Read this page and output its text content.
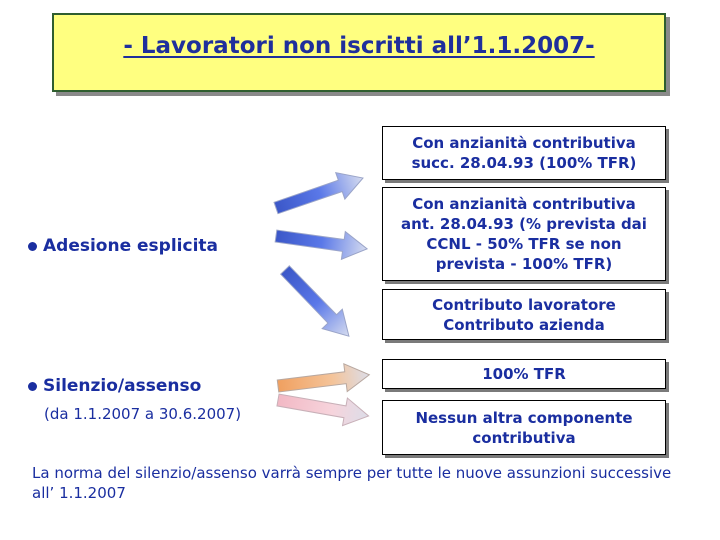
- Lavoratori non iscritti all’1.1.2007-
Con anzianità contributiva
succ. 28.04.93 (100% TFR)
Con anzianità contributiva
ant. 28.04.93 (% prevista dai
CCNL - 50% TFR se non
prevista - 100% TFR)
Contributo lavoratore
Contributo azienda
100% TFR
Nessun altra componente
contributiva
Adesione esplicita
Silenzio/assenso
(da 1.1.2007 a 30.6.2007)
La norma del silenzio/assenso varrà sempre per tutte le nuove assunzioni successive all’ 1.1.2007
